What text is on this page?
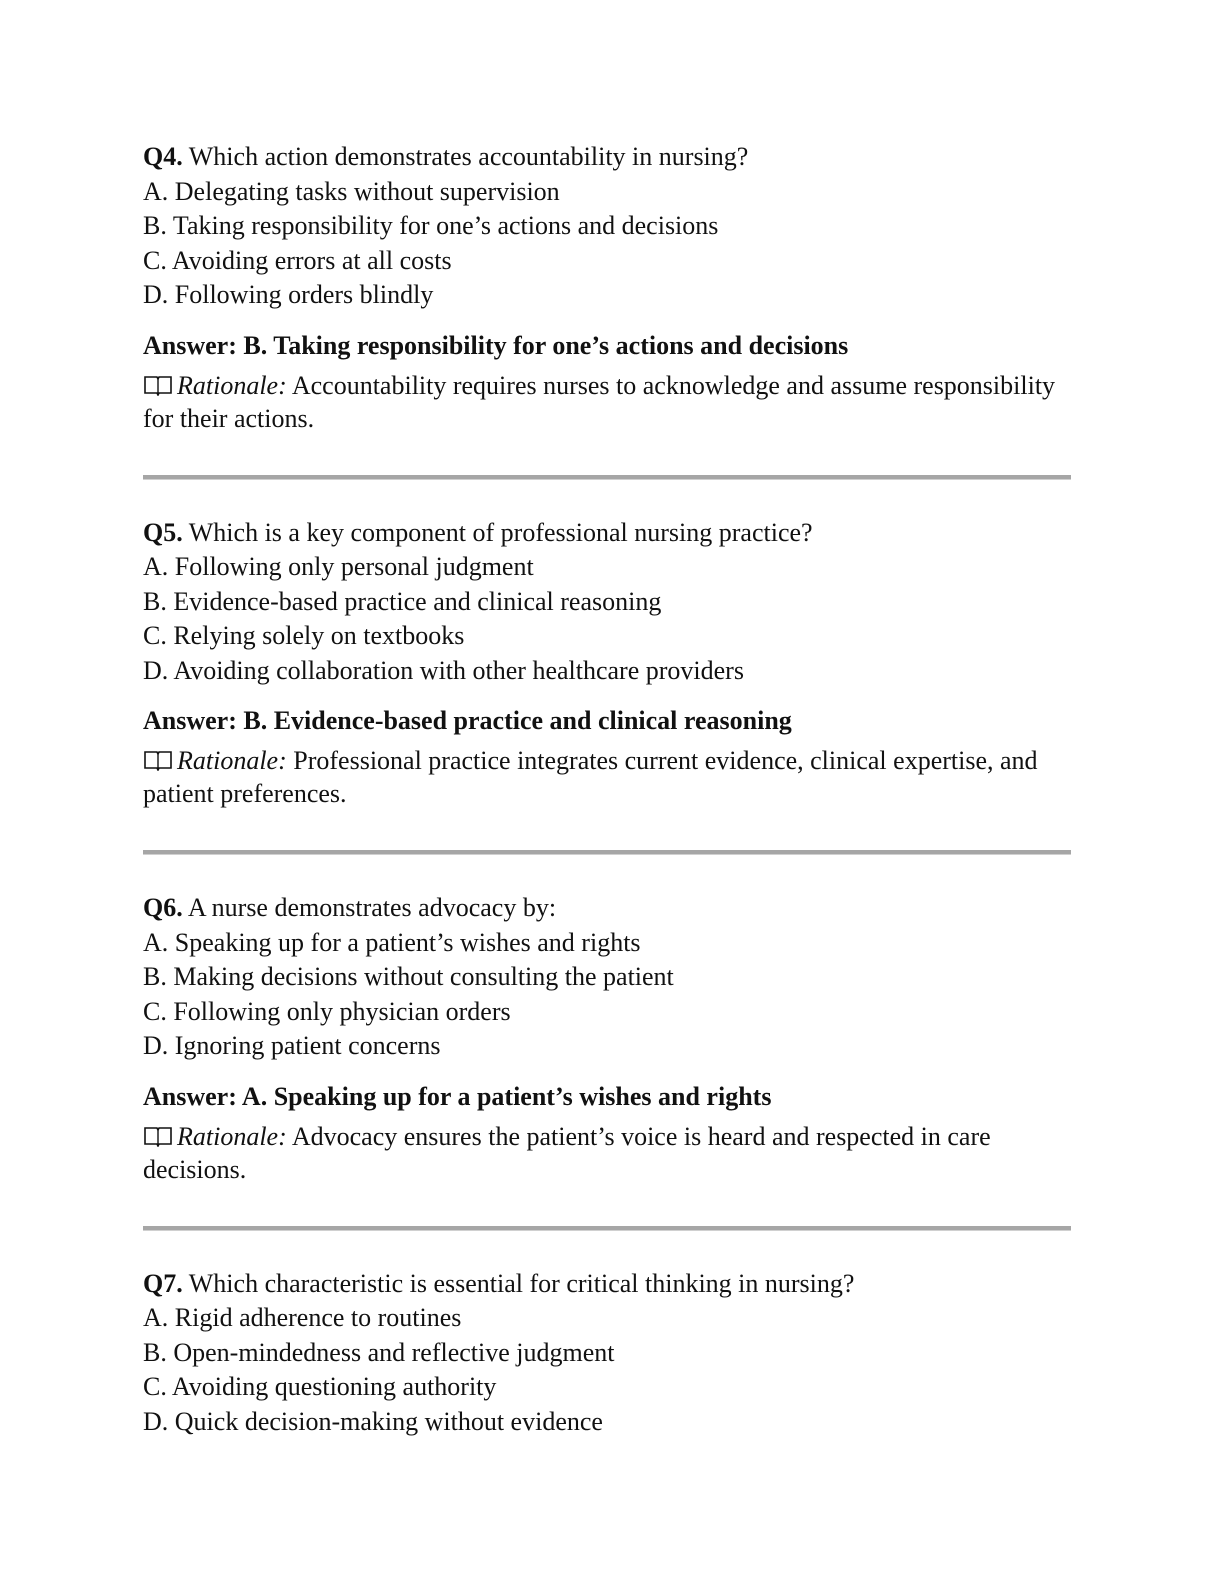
Q4. Which action demonstrates accountability in nursing?
A. Delegating tasks without supervision
B. Taking responsibility for one’s actions and decisions
C. Avoiding errors at all costs
D. Following orders blindly
Answer: B. Taking responsibility for one’s actions and decisions
Rationale: Accountability requires nurses to acknowledge and assume responsibility for their actions.
Q5. Which is a key component of professional nursing practice?
A. Following only personal judgment
B. Evidence-based practice and clinical reasoning
C. Relying solely on textbooks
D. Avoiding collaboration with other healthcare providers
Answer: B. Evidence-based practice and clinical reasoning
Rationale: Professional practice integrates current evidence, clinical expertise, and patient preferences.
Q6. A nurse demonstrates advocacy by:
A. Speaking up for a patient’s wishes and rights
B. Making decisions without consulting the patient
C. Following only physician orders
D. Ignoring patient concerns
Answer: A. Speaking up for a patient’s wishes and rights
Rationale: Advocacy ensures the patient’s voice is heard and respected in care decisions.
Q7. Which characteristic is essential for critical thinking in nursing?
A. Rigid adherence to routines
B. Open-mindedness and reflective judgment
C. Avoiding questioning authority
D. Quick decision-making without evidence
